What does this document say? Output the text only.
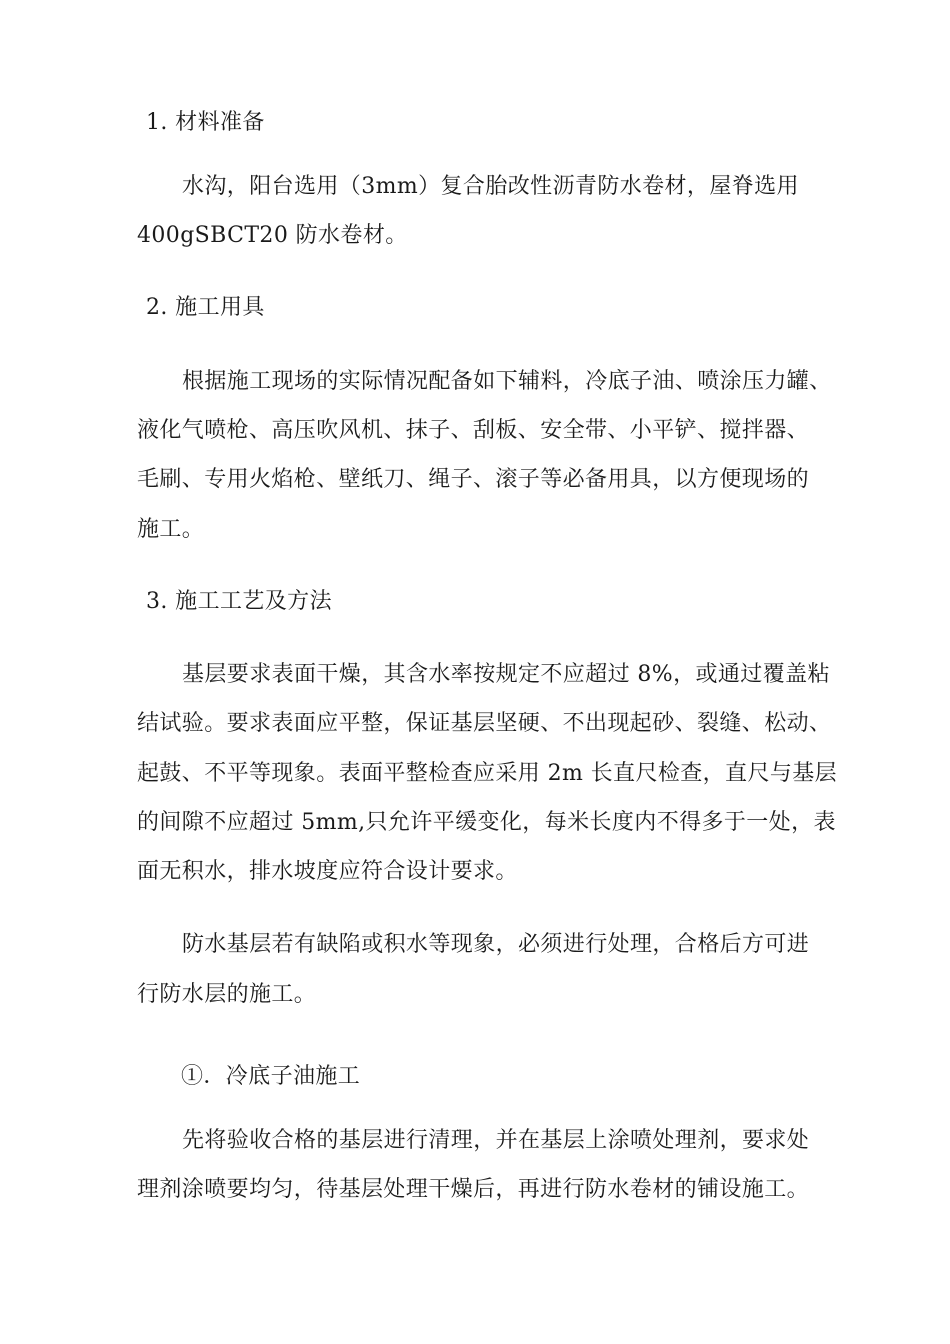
1. 材料准备
水沟，阳台选用（3mm）复合胎改性沥青防水卷材，屋脊选用
400gSBCT20 防水卷材。
2. 施工用具
根据施工现场的实际情况配备如下辅料，冷底子油、喷涂压力罐、
液化气喷枪、高压吹风机、抹子、刮板、安全带、小平铲、搅拌器、
毛刷、专用火焰枪、壁纸刀、绳子、滚子等必备用具，以方便现场的
施工。
3. 施工工艺及方法
基层要求表面干燥，其含水率按规定不应超过 8%，或通过覆盖粘
结试验。要求表面应平整，保证基层坚硬、不出现起砂、裂缝、松动、
起鼓、不平等现象。表面平整检查应采用 2m 长直尺检查，直尺与基层
的间隙不应超过 5mm,只允许平缓变化，每米长度内不得多于一处，表
面无积水，排水坡度应符合设计要求。
防水基层若有缺陷或积水等现象，必须进行处理，合格后方可进
行防水层的施工。
①．冷底子油施工
先将验收合格的基层进行清理，并在基层上涂喷处理剂，要求处
理剂涂喷要均匀，待基层处理干燥后，再进行防水卷材的铺设施工。
